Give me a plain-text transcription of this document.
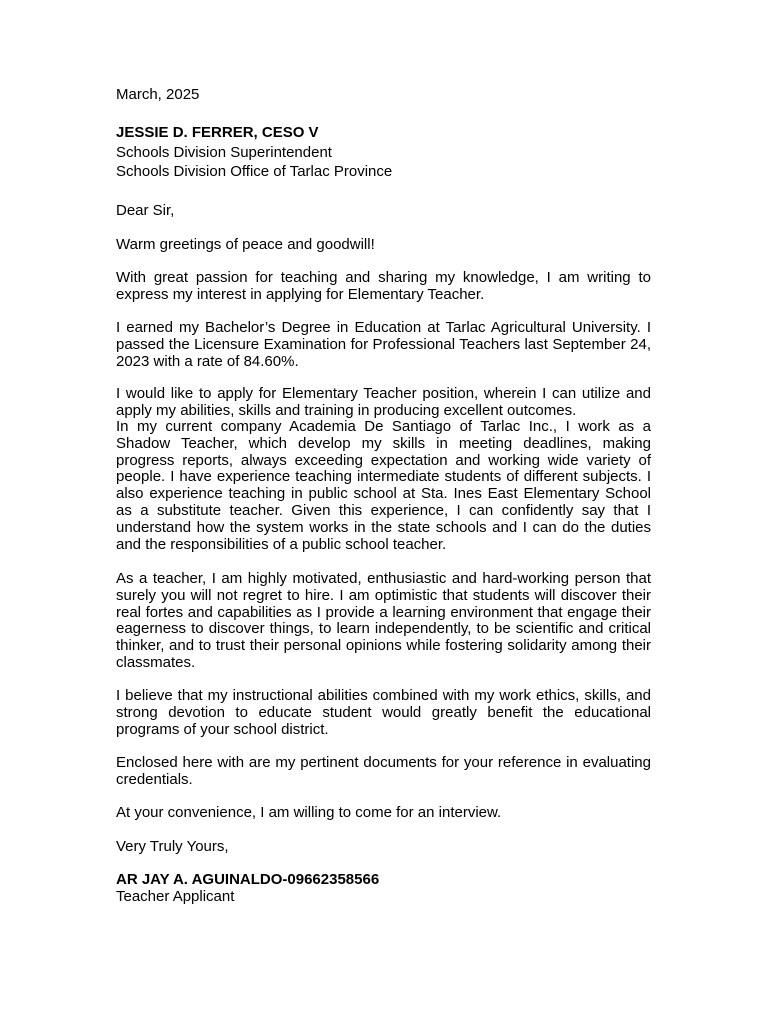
March, 2025

JESSIE D. FERRER, CESO V
Schools Division Superintendent
Schools Division Office of Tarlac Province

Dear Sir,

Warm greetings of peace and goodwill!

With great passion for teaching and sharing my knowledge, I am writing to express my interest in applying for Elementary Teacher.

I earned my Bachelor’s Degree in Education at Tarlac Agricultural University. I passed the Licensure Examination for Professional Teachers last September 24, 2023 with a rate of 84.60%.

I would like to apply for Elementary Teacher position, wherein I can utilize and apply my abilities, skills and training in producing excellent outcomes.

In my current company Academia De Santiago of Tarlac Inc., I work as a Shadow Teacher, which develop my skills in meeting deadlines, making progress reports, always exceeding expectation and working wide variety of people. I have experience teaching intermediate students of different subjects. I also experience teaching in public school at Sta. Ines East Elementary School as a substitute teacher. Given this experience, I can confidently say that I understand how the system works in the state schools and I can do the duties and the responsibilities of a public school teacher.

As a teacher, I am highly motivated, enthusiastic and hard-working person that surely you will not regret to hire. I am optimistic that students will discover their real fortes and capabilities as I provide a learning environment that engage their eagerness to discover things, to learn independently, to be scientific and critical thinker, and to trust their personal opinions while fostering solidarity among their classmates.

I believe that my instructional abilities combined with my work ethics, skills, and strong devotion to educate student would greatly benefit the educational programs of your school district.

Enclosed here with are my pertinent documents for your reference in evaluating credentials.

At your convenience, I am willing to come for an interview.

Very Truly Yours,

AR JAY A. AGUINALDO-09662358566
Teacher Applicant
